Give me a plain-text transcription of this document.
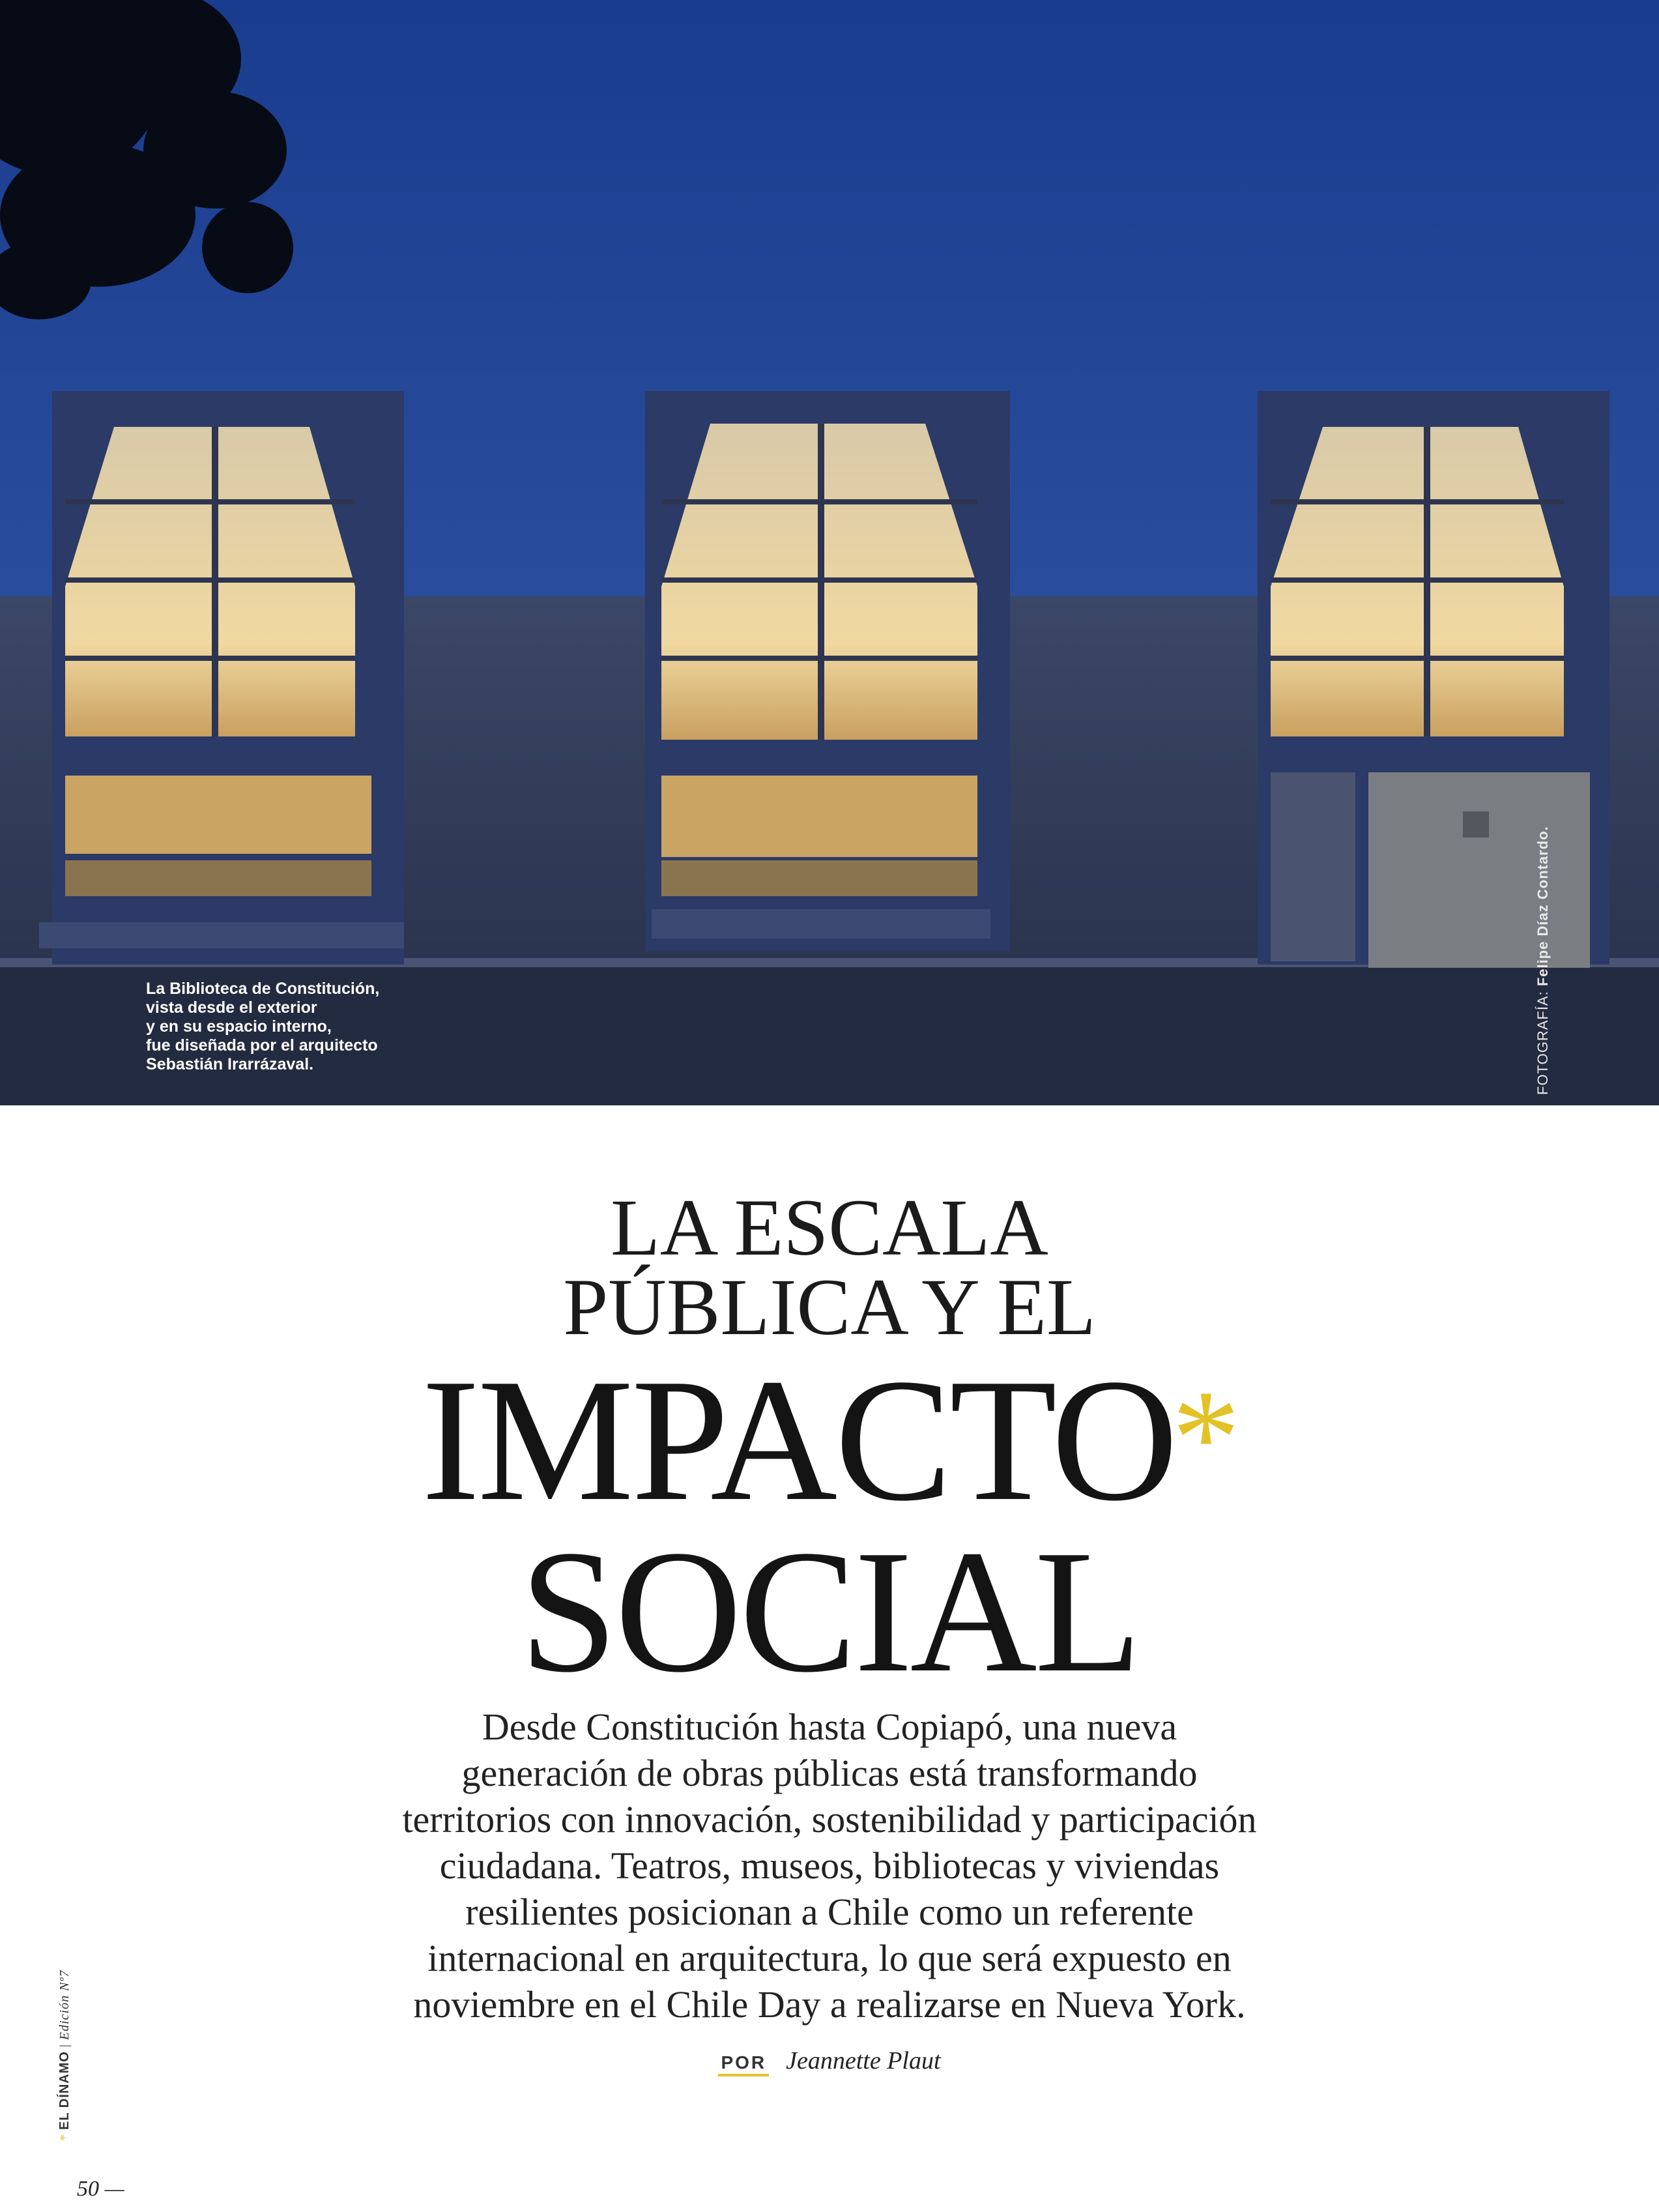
La Biblioteca de Constitución,
vista desde el exterior
y en su espacio interno,
fue diseñada por el arquitecto
Sebastián Irarrázaval.	FOTOGRAFÍA: Felipe Díaz Contardo.
LA ESCALA
PÚBLICA Y EL
IMPACTO*
SOCIAL
Desde Constitución hasta Copiapó, una nueva
generación de obras públicas está transformando
territorios con innovación, sostenibilidad y participación
ciudadana. Teatros, museos, bibliotecas y viviendas
resilientes posicionan a Chile como un referente
internacional en arquitectura, lo que será expuesto en
noviembre en el Chile Day a realizarse en Nueva York.
POR Jeannette Plaut
* EL DÍNAMO | Edición Nº7
50 —
